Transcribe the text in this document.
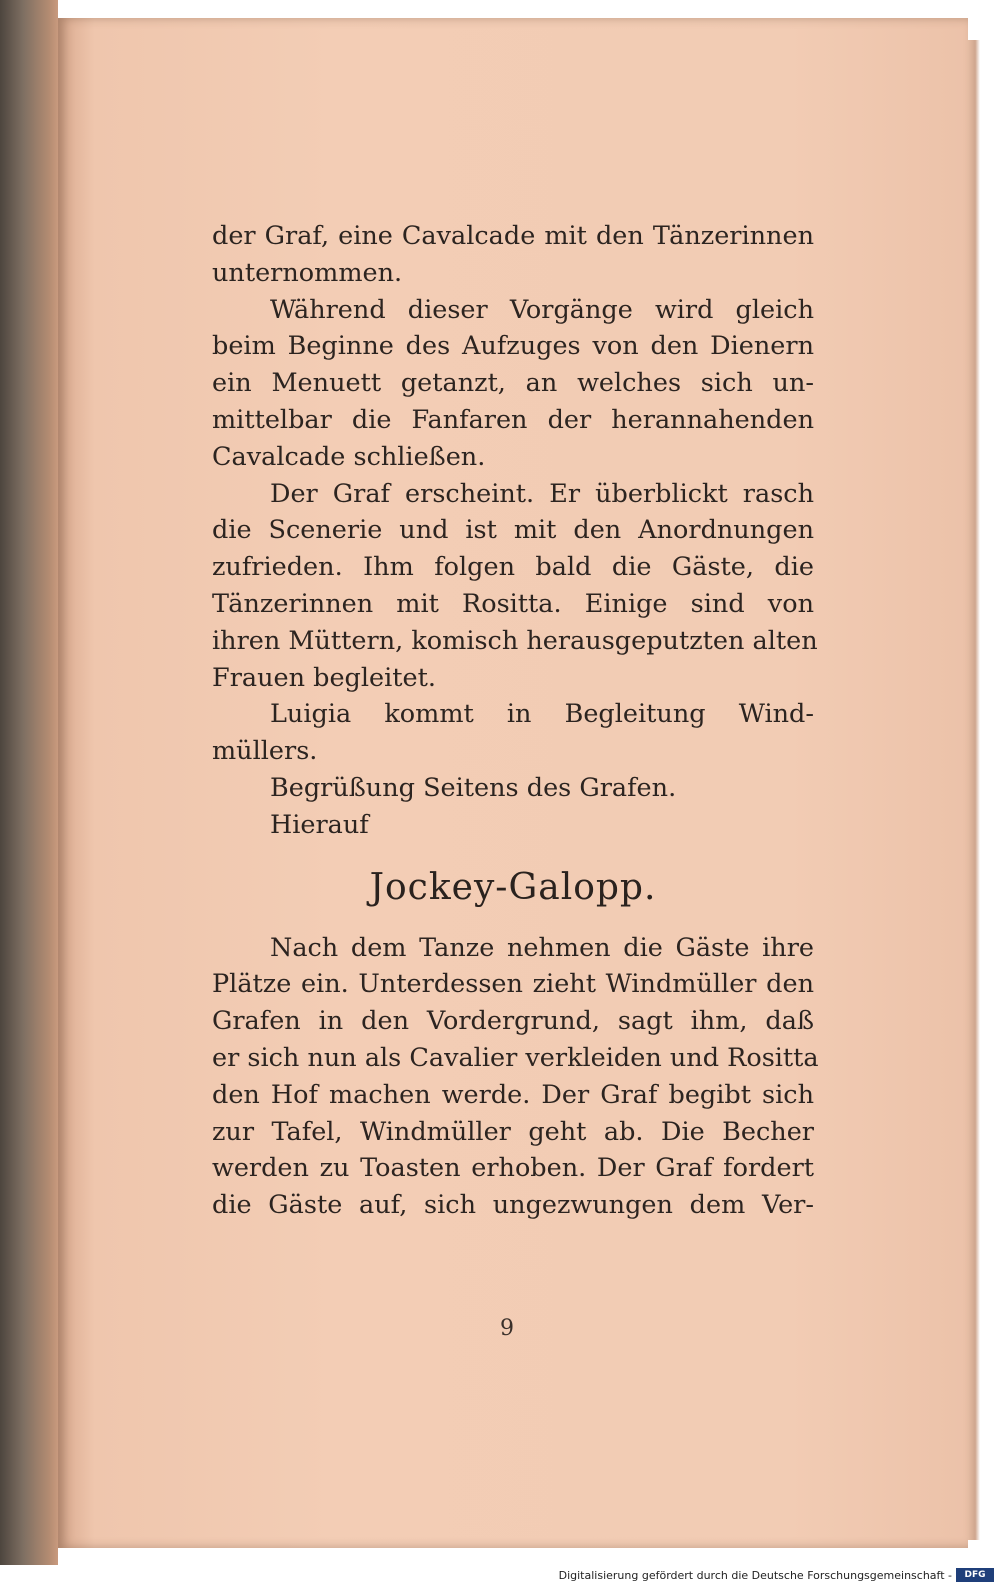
der Graf, eine Cavalcade mit den Tänzerinnen
unternommen.
Während dieser Vorgänge wird gleich
beim Beginne des Aufzuges von den Dienern
ein Menuett getanzt, an welches sich un-
mittelbar die Fanfaren der herannahenden
Cavalcade schließen.
Der Graf erscheint. Er überblickt rasch
die Scenerie und ist mit den Anordnungen
zufrieden. Ihm folgen bald die Gäste, die
Tänzerinnen mit Rositta. Einige sind von
ihren Müttern, komisch herausgeputzten alten
Frauen begleitet.
Luigia kommt in Begleitung Wind-
müllers.
Begrüßung Seitens des Grafen.
Hierauf
Jockey-Galopp.
Nach dem Tanze nehmen die Gäste ihre
Plätze ein. Unterdessen zieht Windmüller den
Grafen in den Vordergrund, sagt ihm, daß
er sich nun als Cavalier verkleiden und Rositta
den Hof machen werde. Der Graf begibt sich
zur Tafel, Windmüller geht ab. Die Becher
werden zu Toasten erhoben. Der Graf fordert
die Gäste auf, sich ungezwungen dem Ver-
9
Digitalisierung gefördert durch die Deutsche Forschungsgemeinschaft -	DFG
